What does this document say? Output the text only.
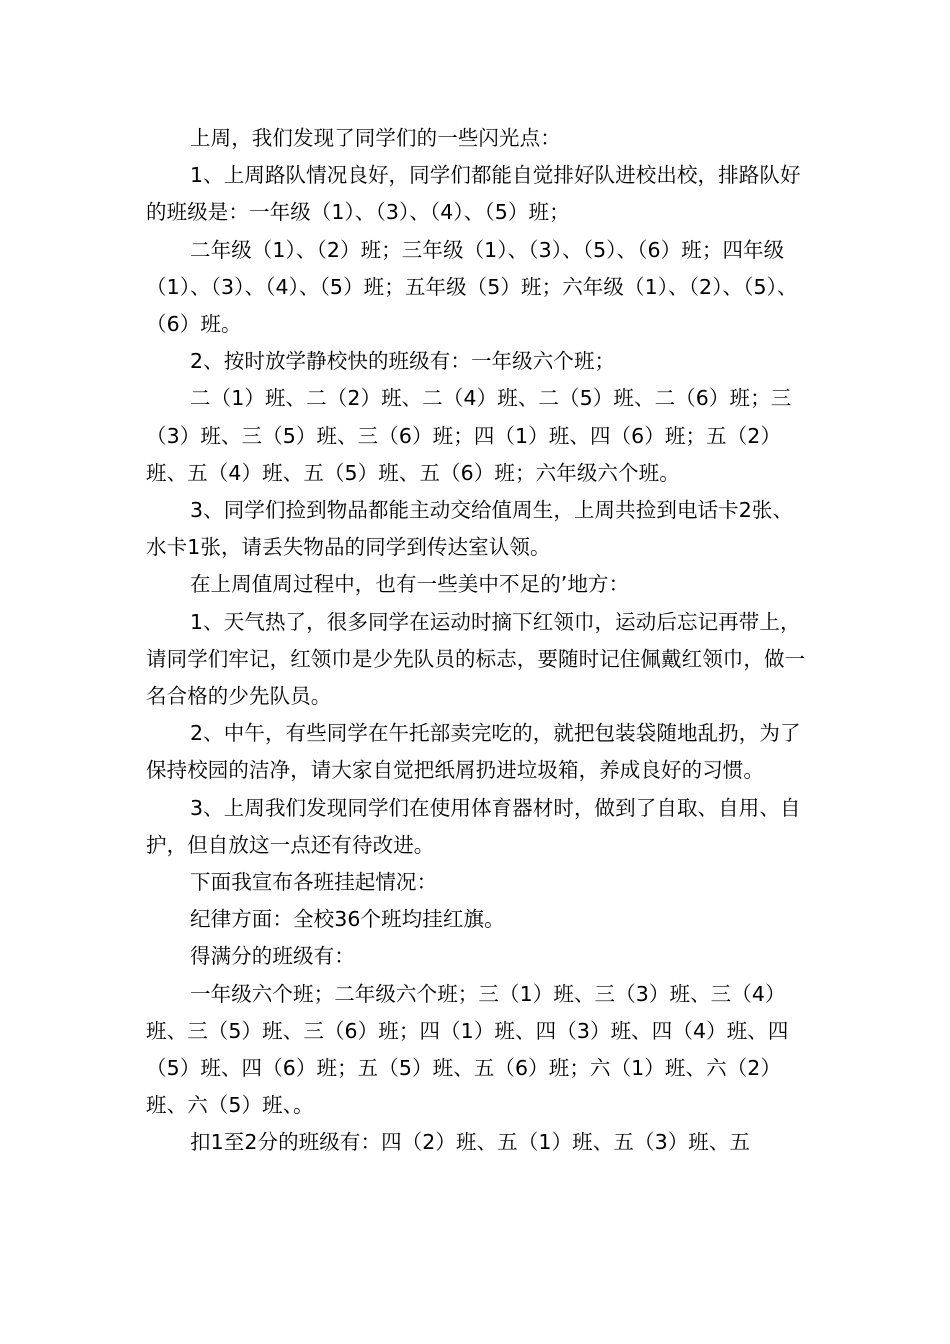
上周，我们发现了同学们的一些闪光点：

1、上周路队情况良好，同学们都能自觉排好队进校出校，排路队好的班级是：一年级（1）、（3）、（4）、（5）班；

二年级（1）、（2）班；三年级（1）、（3）、（5）、（6）班；四年级（1）、（3）、（4）、（5）班；五年级（5）班；六年级（1）、（2）、（5）、（6）班。

2、按时放学静校快的班级有：一年级六个班；

二（1）班、二（2）班、二（4）班、二（5）班、二（6）班；三（3）班、三（5）班、三（6）班；四（1）班、四（6）班；五（2）班、五（4）班、五（5）班、五（6）班；六年级六个班。

3、同学们捡到物品都能主动交给值周生，上周共捡到电话卡2张、水卡1张，请丢失物品的同学到传达室认领。

在上周值周过程中，也有一些美中不足的’地方：

1、天气热了，很多同学在运动时摘下红领巾，运动后忘记再带上，请同学们牢记，红领巾是少先队员的标志，要随时记住佩戴红领巾，做一名合格的少先队员。

2、中午，有些同学在午托部卖完吃的，就把包装袋随地乱扔，为了保持校园的洁净，请大家自觉把纸屑扔进垃圾箱，养成良好的习惯。

3、上周我们发现同学们在使用体育器材时，做到了自取、自用、自护，但自放这一点还有待改进。

下面我宣布各班挂起情况：

纪律方面：全校36个班均挂红旗。

得满分的班级有：

一年级六个班；二年级六个班；三（1）班、三（3）班、三（4）班、三（5）班、三（6）班；四（1）班、四（3）班、四（4）班、四（5）班、四（6）班；五（5）班、五（6）班；六（1）班、六（2）班、六（5）班、。

扣1至2分的班级有：四（2）班、五（1）班、五（3）班、五
